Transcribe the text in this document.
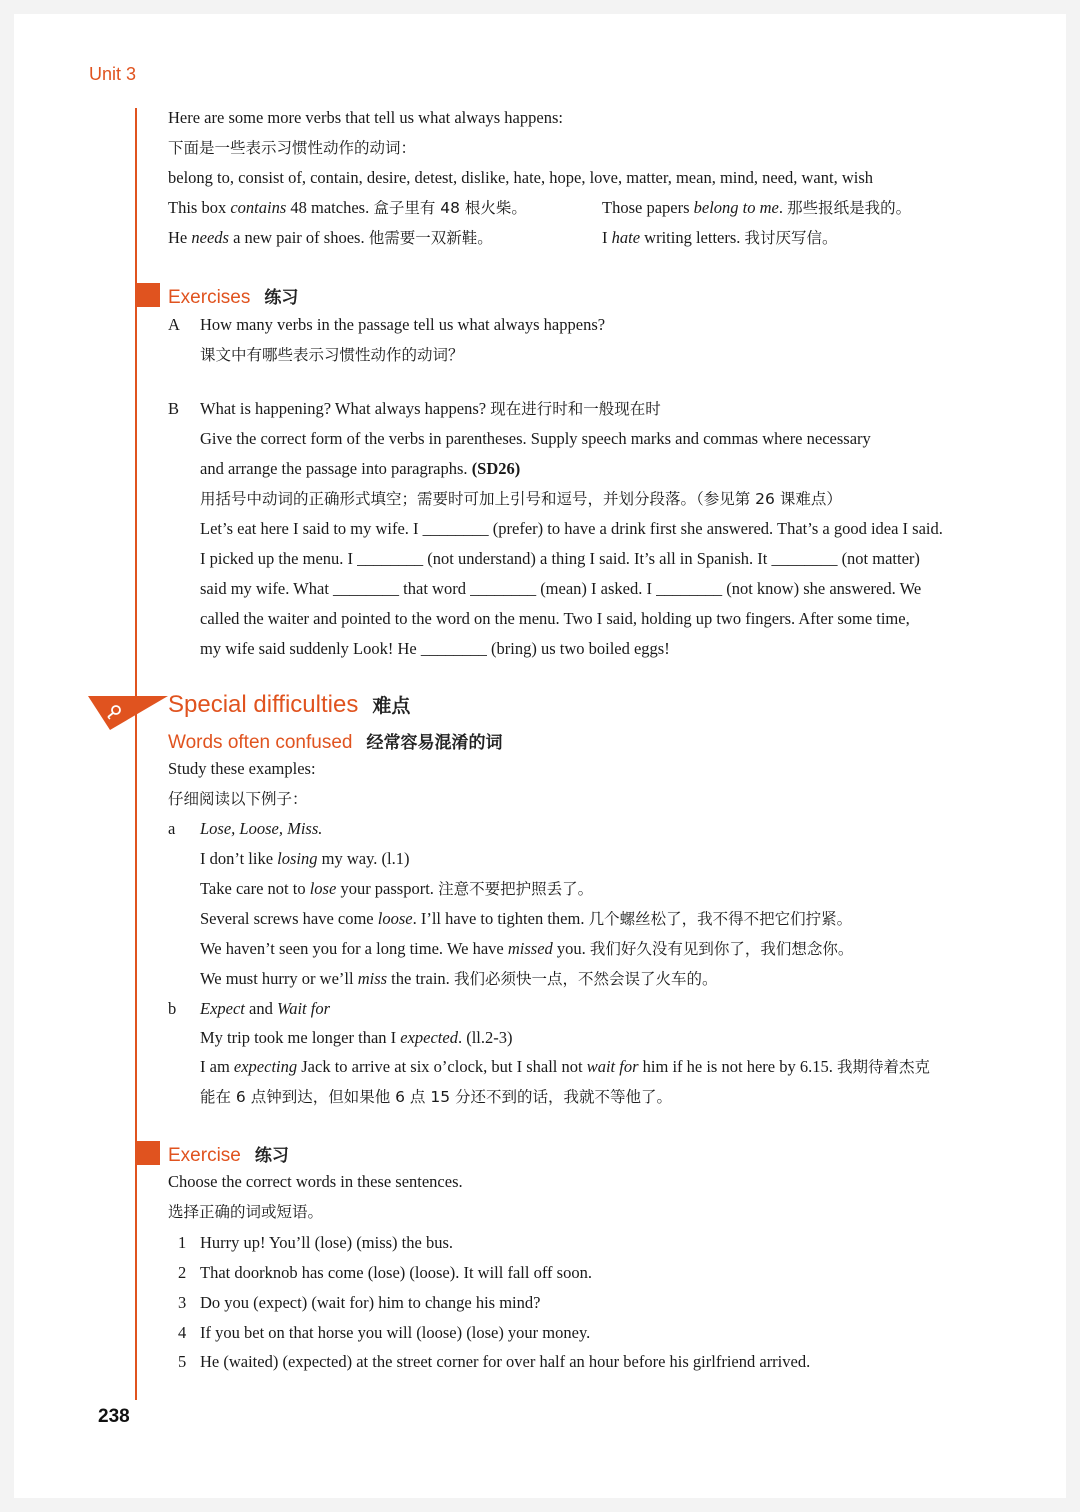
Unit 3
Here are some more verbs that tell us what always happens:
下面是一些表示习惯性动作的动词：
belong to, consist of, contain, desire, detest, dislike, hate, hope, love, matter, mean, mind, need, want, wish
This box contains 48 matches. 盒子里有 48 根火柴。	Those papers belong to me. 那些报纸是我的。
He needs a new pair of shoes. 他需要一双新鞋。	I hate writing letters. 我讨厌写信。
Exercises 练习
A How many verbs in the passage tell us what always happens?
课文中有哪些表示习惯性动作的动词？
B What is happening? What always happens? 现在进行时和一般现在时
Give the correct form of the verbs in parentheses. Supply speech marks and commas where necessary
and arrange the passage into paragraphs. (SD26)
用括号中动词的正确形式填空；需要时可加上引号和逗号，并划分段落。（参见第 26 课难点）
Let’s eat here I said to my wife. I ________ (prefer) to have a drink first she answered. That’s a good idea I said.
I picked up the menu. I ________ (not understand) a thing I said. It’s all in Spanish. It ________ (not matter)
said my wife. What ________ that word ________ (mean) I asked. I ________ (not know) she answered. We
called the waiter and pointed to the word on the menu. Two I said, holding up two fingers. After some time,
my wife said suddenly Look! He ________ (bring) us two boiled eggs!
Special difficulties 难点
Words often confused 经常容易混淆的词
Study these examples:
仔细阅读以下例子：
a Lose, Loose, Miss.
I don’t like losing my way. (l.1)
Take care not to lose your passport. 注意不要把护照丢了。
Several screws have come loose. I’ll have to tighten them. 几个螺丝松了，我不得不把它们拧紧。
We haven’t seen you for a long time. We have missed you. 我们好久没有见到你了，我们想念你。
We must hurry or we’ll miss the train. 我们必须快一点，不然会误了火车的。
b Expect and Wait for
My trip took me longer than I expected. (ll.2-3)
I am expecting Jack to arrive at six o’clock, but I shall not wait for him if he is not here by 6.15. 我期待着杰克
能在 6 点钟到达，但如果他 6 点 15 分还不到的话，我就不等他了。
Exercise 练习
Choose the correct words in these sentences.
选择正确的词或短语。
1 Hurry up! You’ll (lose) (miss) the bus.
2 That doorknob has come (lose) (loose). It will fall off soon.
3 Do you (expect) (wait for) him to change his mind?
4 If you bet on that horse you will (loose) (lose) your money.
5 He (waited) (expected) at the street corner for over half an hour before his girlfriend arrived.
238
